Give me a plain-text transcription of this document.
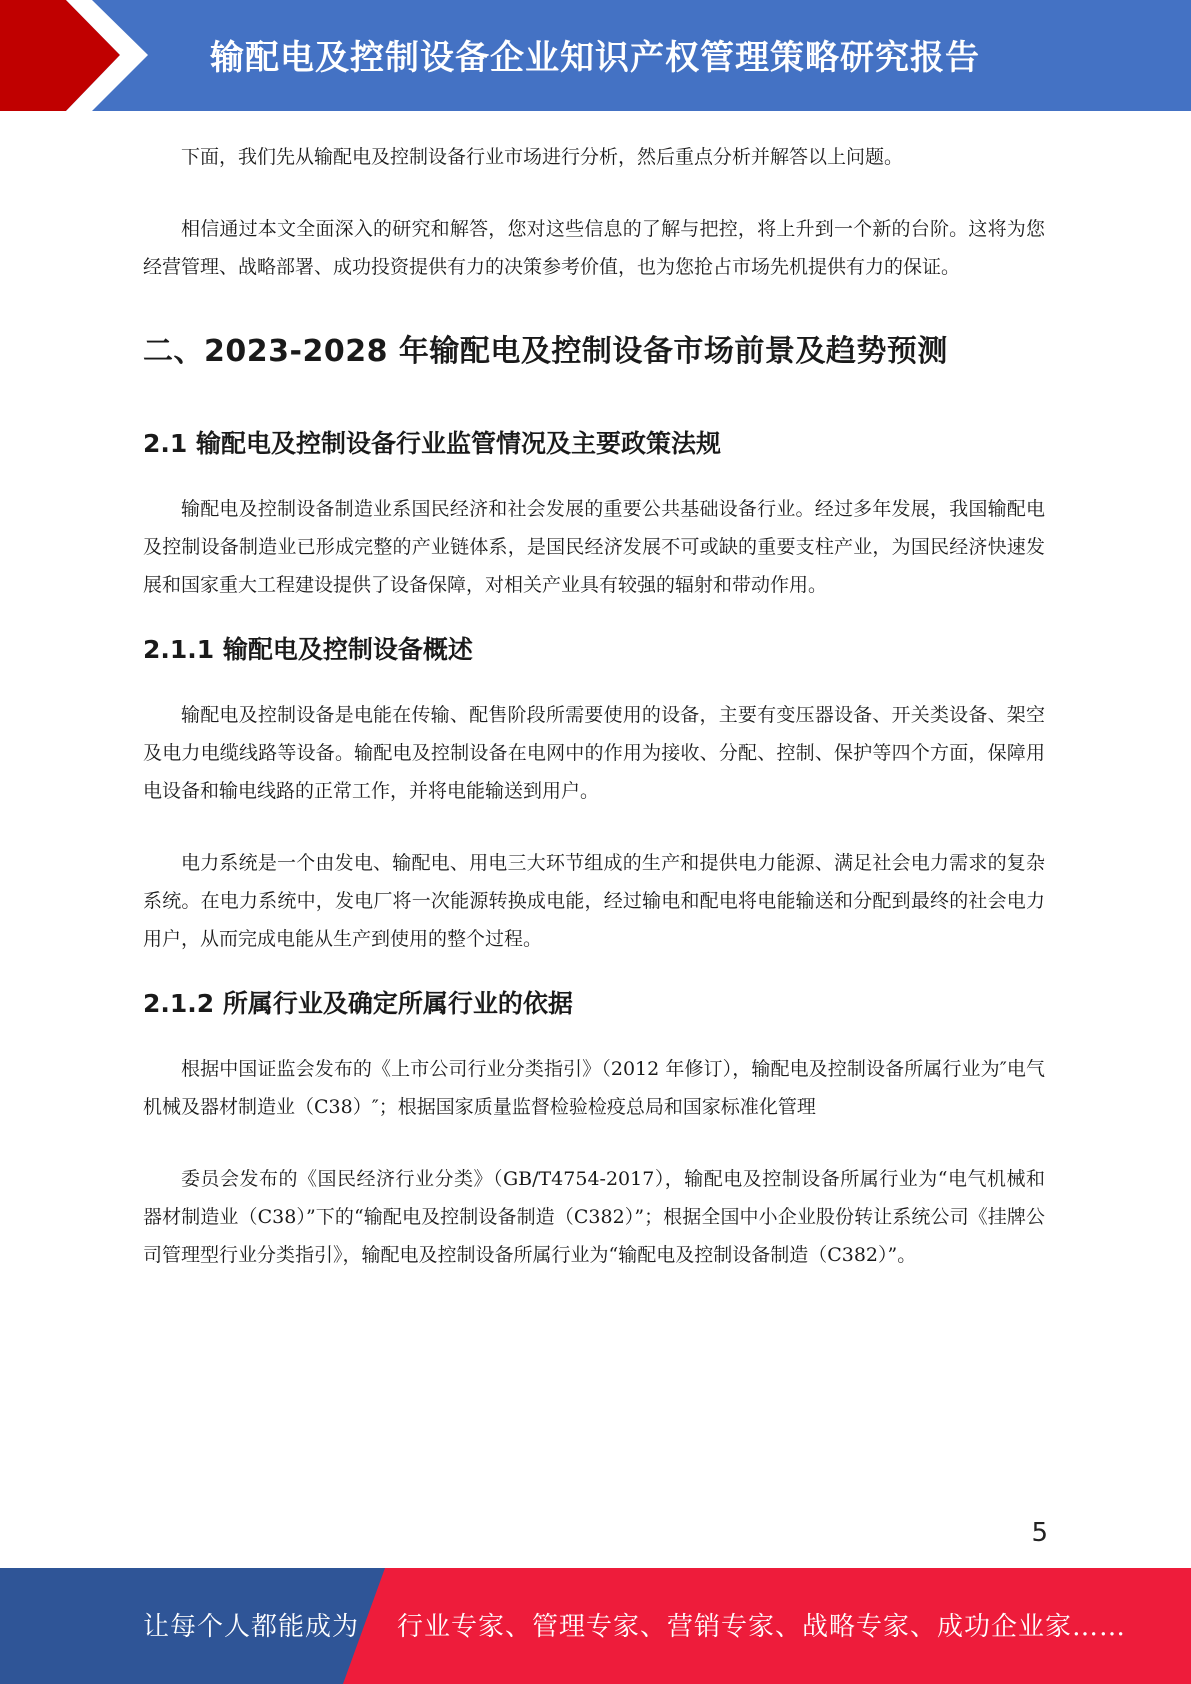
输配电及控制设备企业知识产权管理策略研究报告

下面，我们先从输配电及控制设备行业市场进行分析，然后重点分析并解答以上问题。

相信通过本文全面深入的研究和解答，您对这些信息的了解与把控，将上升到一个新的台阶。这将为您经营管理、战略部署、成功投资提供有力的决策参考价值，也为您抢占市场先机提供有力的保证。

二、2023-2028 年输配电及控制设备市场前景及趋势预测
2.1 输配电及控制设备行业监管情况及主要政策法规

输配电及控制设备制造业系国民经济和社会发展的重要公共基础设备行业。经过多年发展，我国输配电及控制设备制造业已形成完整的产业链体系，是国民经济发展不可或缺的重要支柱产业，为国民经济快速发展和国家重大工程建设提供了设备保障，对相关产业具有较强的辐射和带动作用。

2.1.1 输配电及控制设备概述

输配电及控制设备是电能在传输、配售阶段所需要使用的设备，主要有变压器设备、开关类设备、架空及电力电缆线路等设备。输配电及控制设备在电网中的作用为接收、分配、控制、保护等四个方面，保障用电设备和输电线路的正常工作，并将电能输送到用户。

电力系统是一个由发电、输配电、用电三大环节组成的生产和提供电力能源、满足社会电力需求的复杂系统。在电力系统中，发电厂将一次能源转换成电能，经过输电和配电将电能输送和分配到最终的社会电力用户，从而完成电能从生产到使用的整个过程。

2.1.2 所属行业及确定所属行业的依据

根据中国证监会发布的《上市公司行业分类指引》（2012 年修订），输配电及控制设备所属行业为″电气机械及器材制造业（C38）″；根据国家质量监督检验检疫总局和国家标准化管理

委员会发布的《国民经济行业分类》（GB/T4754-2017），输配电及控制设备所属行业为“电气机械和器材制造业（C38）”下的“输配电及控制设备制造（C382）”；根据全国中小企业股份转让系统公司《挂牌公司管理型行业分类指引》，输配电及控制设备所属行业为“输配电及控制设备制造（C382）”。

5
让每个人都能成为 行业专家、管理专家、营销专家、战略专家、成功企业家……
